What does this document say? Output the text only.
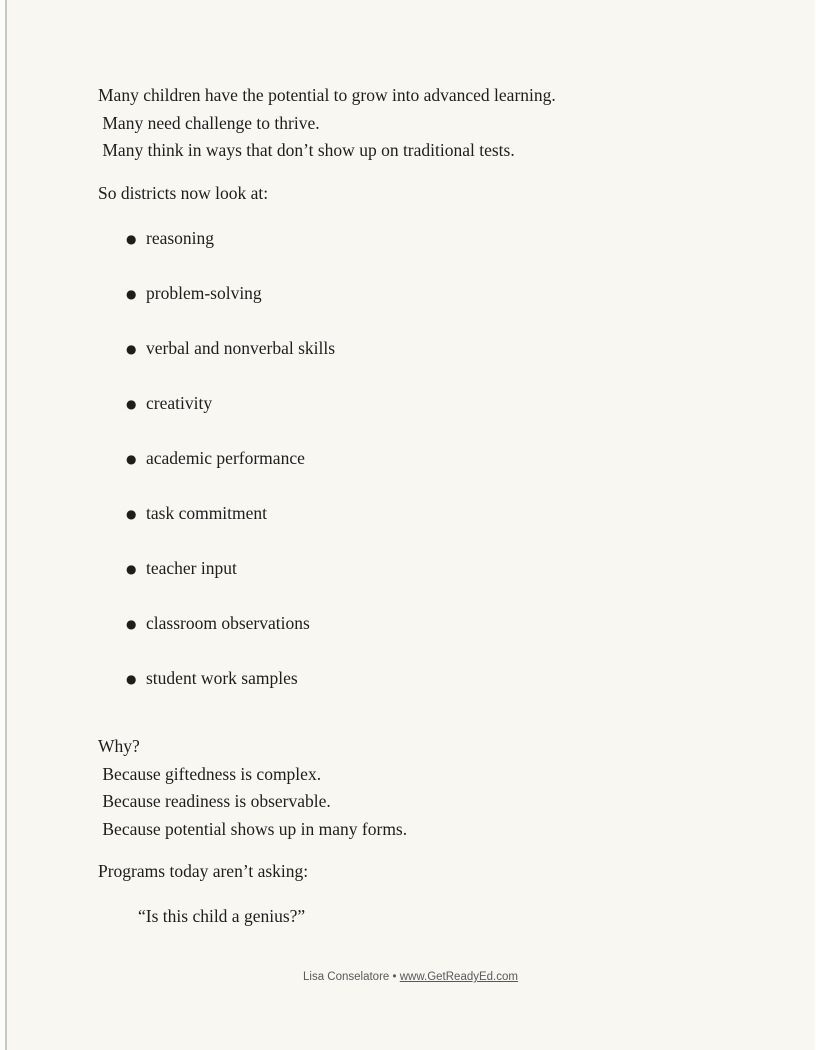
Many children have the potential to grow into advanced learning.
Many need challenge to thrive.
Many think in ways that don’t show up on traditional tests.
So districts now look at:
● reasoning
● problem-solving
● verbal and nonverbal skills
● creativity
● academic performance
● task commitment
● teacher input
● classroom observations
● student work samples
Why?
Because giftedness is complex.
Because readiness is observable.
Because potential shows up in many forms.
Programs today aren’t asking:
“Is this child a genius?”
Lisa Conselatore • www.GetReadyEd.com
